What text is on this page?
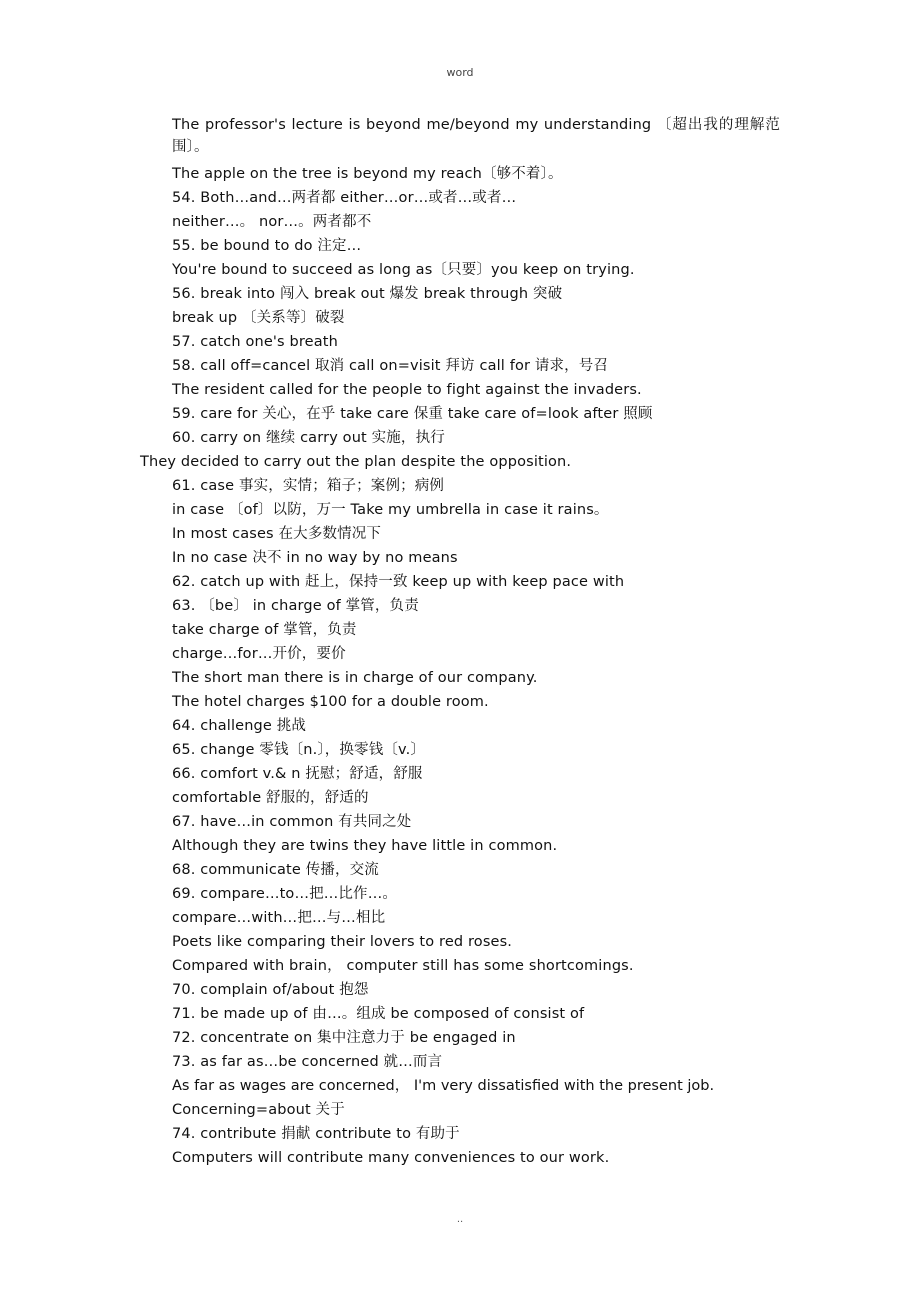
word
The professor's lecture is beyond me/beyond my understanding 〔超出我的理解范围〕。
The apple on the tree is beyond my reach〔够不着〕。
54. Both…and…两者都 either…or…或者…或者…
neither…。 nor…。两者都不
55. be bound to do 注定…
You're bound to succeed as long as〔只要〕you keep on trying.
56. break into 闯入 break out 爆发 break through 突破
break up 〔关系等〕破裂
57. catch one's breath
58. call off=cancel 取消 call on=visit 拜访 call for 请求，号召
The resident called for the people to fight against the invaders.
59. care for 关心，在乎 take care 保重 take care of=look after 照顾
60. carry on 继续 carry out 实施，执行
They decided to carry out the plan despite the opposition.
61. case 事实，实情；箱子；案例；病例
in case 〔of〕以防，万一 Take my umbrella in case it rains。
In most cases 在大多数情况下
In no case 决不 in no way by no means
62. catch up with 赶上，保持一致 keep up with keep pace with
63. 〔be〕 in charge of 掌管，负责
take charge of 掌管，负责
charge…for…开价，要价
The short man there is in charge of our company.
The hotel charges $100 for a double room.
64. challenge 挑战
65. change 零钱〔n.〕，换零钱〔v.〕
66. comfort v.& n 抚慰；舒适，舒服
comfortable 舒服的，舒适的
67. have…in common 有共同之处
Although they are twins they have little in common.
68. communicate 传播，交流
69. compare…to…把…比作…。
compare…with…把…与…相比
Poets like comparing their lovers to red roses.
Compared with brain， computer still has some shortcomings.
70. complain of/about 抱怨
71. be made up of 由…。组成 be composed of consist of
72. concentrate on 集中注意力于 be engaged in
73. as far as…be concerned 就…而言
As far as wages are concerned， I'm very dissatisfied with the present job.
Concerning=about 关于
74. contribute 捐献 contribute to 有助于
Computers will contribute many conveniences to our work.
..
